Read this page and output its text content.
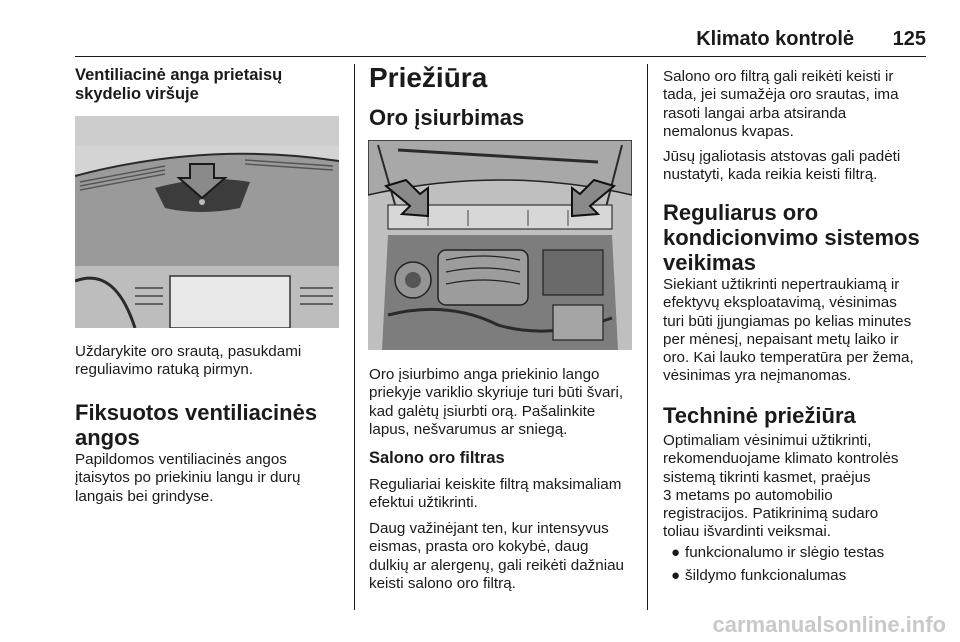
Klimato kontrolė 125
Ventiliacinė anga prietaisų
skydelio viršuje
Uždarykite oro srautą, pasukdami
reguliavimo ratuką pirmyn.
Fiksuotos ventiliacinės
angos
Papildomos ventiliacinės angos
įtaisytos po priekiniu langu ir durų
langais bei grindyse.
Priežiūra
Oro įsiurbimas
Oro įsiurbimo anga priekinio lango
priekyje variklio skyriuje turi būti švari,
kad galėtų įsiurbti orą. Pašalinkite
lapus, nešvarumus ar sniegą.
Salono oro filtras
Reguliariai keiskite filtrą maksimaliam
efektui užtikrinti.
Daug važinėjant ten, kur intensyvus
eismas, prasta oro kokybė, daug
dulkių ar alergenų, gali reikėti dažniau
keisti salono oro filtrą.
Salono oro filtrą gali reikėti keisti ir
tada, jei sumažėja oro srautas, ima
rasoti langai arba atsiranda
nemalonus kvapas.
Jūsų įgaliotasis atstovas gali padėti
nustatyti, kada reikia keisti filtrą.
Reguliarus oro
kondicionvimo sistemos
veikimas
Siekiant užtikrinti nepertraukiamą ir
efektyvų eksploatavimą, vėsinimas
turi būti įjungiamas po kelias minutes
per mėnesį, nepaisant metų laiko ir
oro. Kai lauko temperatūra per žema,
vėsinimas yra neįmanomas.
Techninė priežiūra
Optimaliam vėsinimui užtikrinti,
rekomenduojame klimato kontrolės
sistemą tikrinti kasmet, praėjus
3 metams po automobilio
registracijos. Patikrinimą sudaro
toliau išvardinti veiksmai.
● funkcionalumo ir slėgio testas
● šildymo funkcionalumas
carmanualsonline.info
